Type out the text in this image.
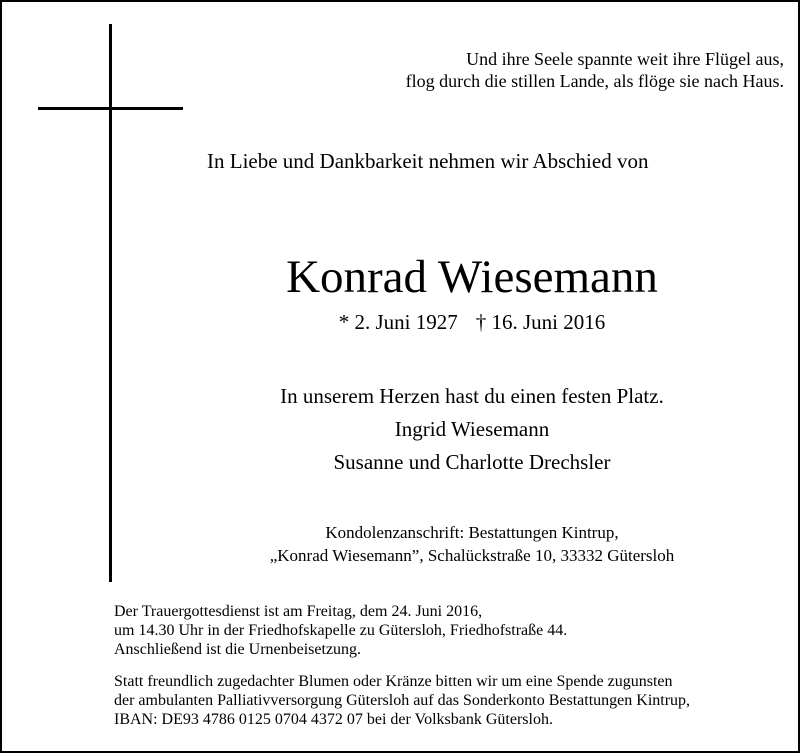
Und ihre Seele spannte weit ihre Flügel aus,
flog durch die stillen Lande, als flöge sie nach Haus.
In Liebe und Dankbarkeit nehmen wir Abschied von
Konrad Wiesemann
* 2. Juni 1927 † 16. Juni 2016
In unserem Herzen hast du einen festen Platz.
Ingrid Wiesemann
Susanne und Charlotte Drechsler
Kondolenzanschrift: Bestattungen Kintrup,
„Konrad Wiesemann”, Schalückstraße 10, 33332 Gütersloh
Der Trauergottesdienst ist am Freitag, dem 24. Juni 2016,
um 14.30 Uhr in der Friedhofskapelle zu Gütersloh, Friedhofstraße 44.
Anschließend ist die Urnenbeisetzung.
Statt freundlich zugedachter Blumen oder Kränze bitten wir um eine Spende zugunsten
der ambulanten Palliativversorgung Gütersloh auf das Sonderkonto Bestattungen Kintrup,
IBAN: DE93 4786 0125 0704 4372 07 bei der Volksbank Gütersloh.
